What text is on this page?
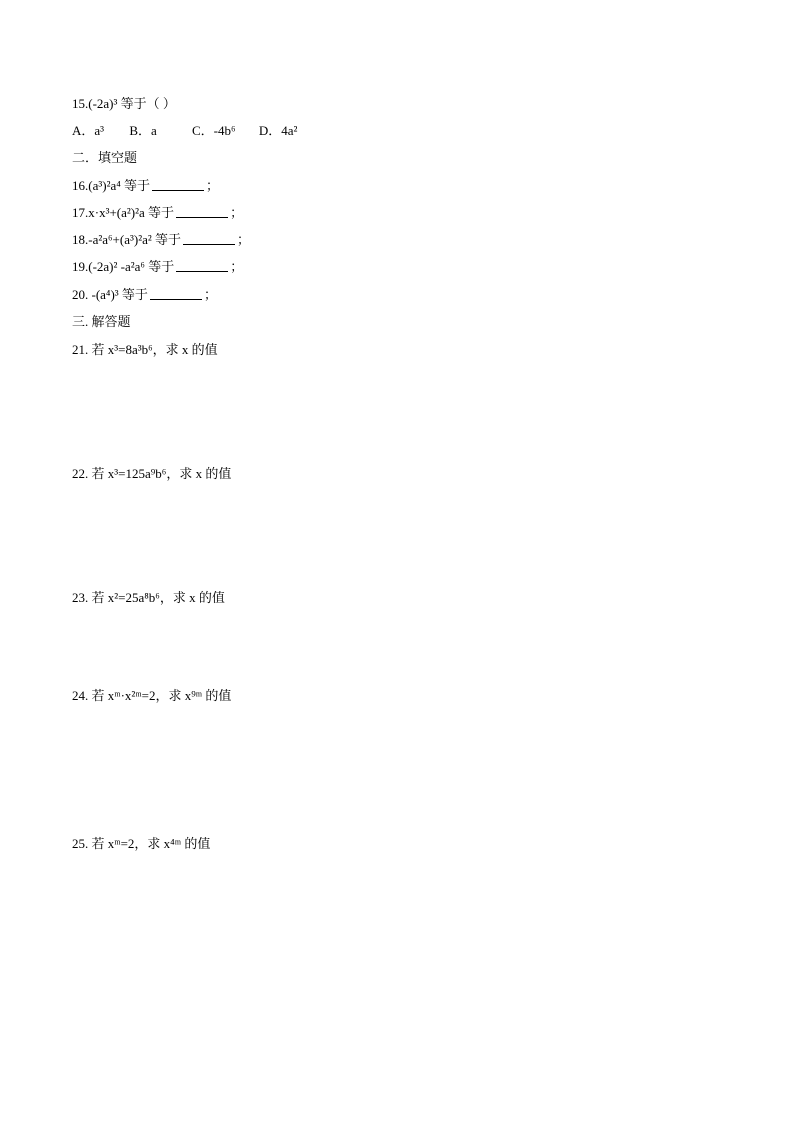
15.(-2a)³ 等于（ ）
A．a³ B．a	C．-4b⁶ D．4a²
二．填空题
16.(a³)²a⁴ 等于	；
17.x·x³+(a²)²a 等于	；
18.-a²a⁶+(a³)²a² 等于	；
19.(-2a)² -a²a⁶ 等于	；
20. -(a⁴)³ 等于	；
三. 解答题
21. 若 x³=8a³b⁶，求 x 的值
22. 若 x³=125a⁹b⁶，求 x 的值
23. 若 x²=25a⁸b⁶，求 x 的值
24. 若 xᵐ·x²ᵐ=2，求 x⁹ᵐ 的值
25. 若 xᵐ=2，求 x⁴ᵐ 的值
